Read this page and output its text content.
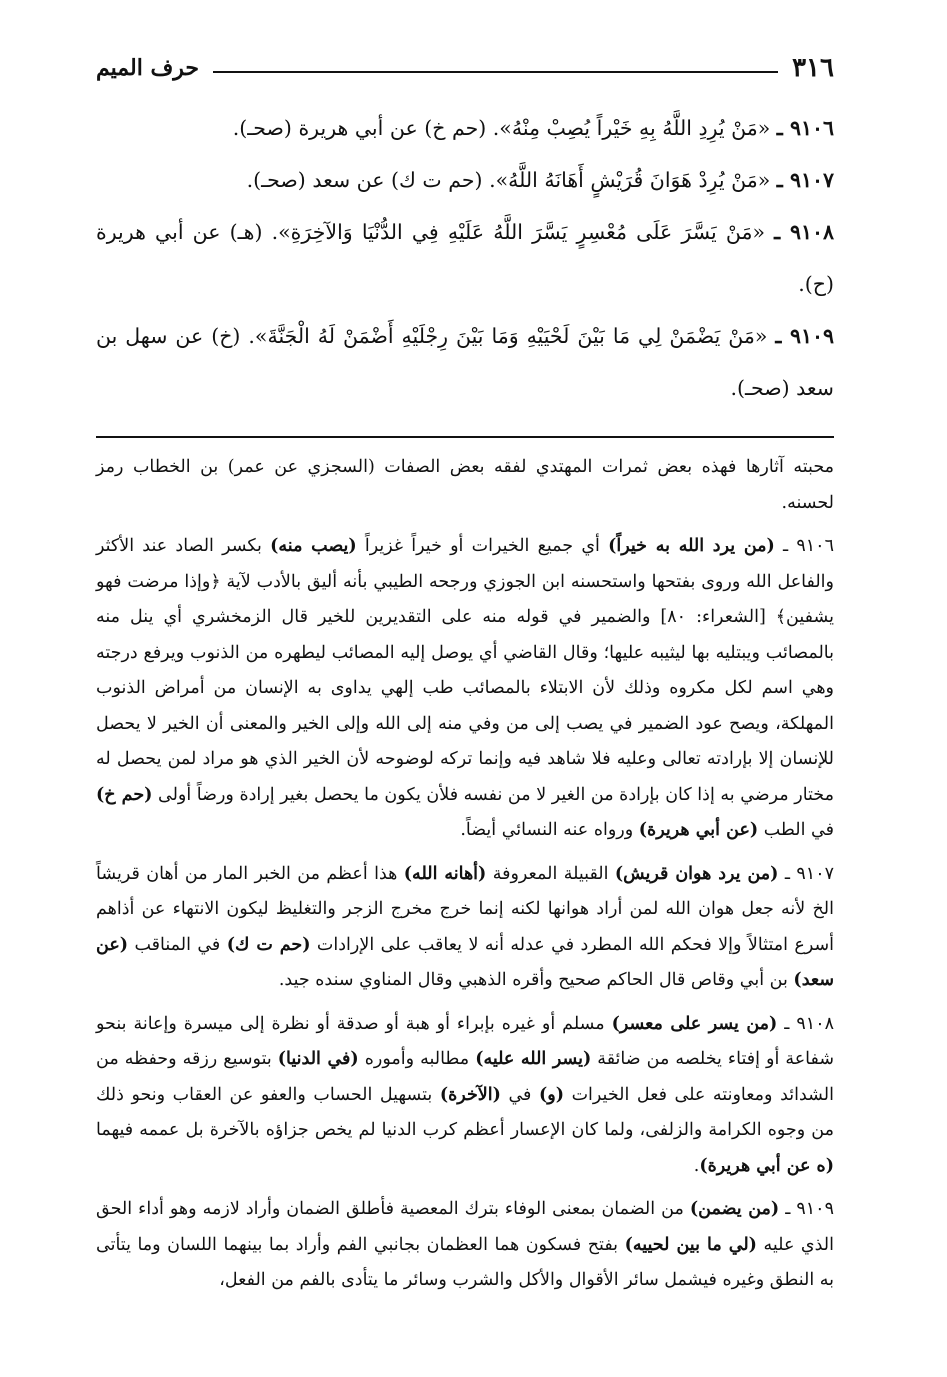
٣١٦
حرف الميم
٩١٠٦ ـ «مَنْ يُرِدِ اللَّهُ بِهِ خَيْراً يُصِبْ مِنْهُ». (حم خ) عن أبي هريرة (صحـ).
٩١٠٧ ـ «مَنْ يُرِدْ هَوَانَ قُرَيْشٍ أَهَانَهُ اللَّهُ». (حم ت ك) عن سعد (صحـ).
٩١٠٨ ـ «مَنْ يَسَّرَ عَلَى مُعْسِرٍ يَسَّرَ اللَّهُ عَلَيْهِ فِي الدُّنْيَا وَالآخِرَةِ». (هـ) عن أبي هريرة (ح).
٩١٠٩ ـ «مَنْ يَضْمَنْ لِي مَا بَيْنَ لَحْيَيْهِ وَمَا بَيْنَ رِجْلَيْهِ أَضْمَنْ لَهُ الْجَنَّةَ». (خ) عن سهل بن سعد (صحـ).

محبته آثارها فهذه بعض ثمرات المهتدي لفقه بعض الصفات (السجزي عن عمر) بن الخطاب رمز لحسنه.

٩١٠٦ ـ (من يرد الله به خيراً) أي جميع الخيرات أو خيراً غزيراً (يصب منه) بكسر الصاد عند الأكثر والفاعل الله وروى بفتحها واستحسنه ابن الجوزي ورجحه الطيبي بأنه أليق بالأدب لآية ﴿وإذا مرضت فهو يشفين﴾ [الشعراء: ٨٠] والضمير في قوله منه على التقديرين للخير قال الزمخشري أي ينل منه بالمصائب ويبتليه بها ليثيبه عليها؛ وقال القاضي أي يوصل إليه المصائب ليطهره من الذنوب ويرفع درجته وهي اسم لكل مكروه وذلك لأن الابتلاء بالمصائب طب إلهي يداوى به الإنسان من أمراض الذنوب المهلكة، ويصح عود الضمير في يصب إلى من وفي منه إلى الله وإلى الخير والمعنى أن الخير لا يحصل للإنسان إلا بإرادته تعالى وعليه فلا شاهد فيه وإنما تركه لوضوحه لأن الخير الذي هو مراد لمن يحصل له مختار مرضي به إذا كان بإرادة من الغير لا من نفسه فلأن يكون ما يحصل بغير إرادة ورضاً أولى (حم خ) في الطب (عن أبي هريرة) ورواه عنه النسائي أيضاً.

٩١٠٧ ـ (من يرد هوان قريش) القبيلة المعروفة (أهانه الله) هذا أعظم من الخبر المار من أهان قريشاً الخ لأنه جعل هوان الله لمن أراد هوانها لكنه إنما خرج مخرج الزجر والتغليظ ليكون الانتهاء عن أذاهم أسرع امتثالاً وإلا فحكم الله المطرد في عدله أنه لا يعاقب على الإرادات (حم ت ك) في المناقب (عن سعد) بن أبي وقاص قال الحاكم صحيح وأقره الذهبي وقال المناوي سنده جيد.

٩١٠٨ ـ (من يسر على معسر) مسلم أو غيره بإبراء أو هبة أو صدقة أو نظرة إلى ميسرة وإعانة بنحو شفاعة أو إفتاء يخلصه من ضائقة (يسر الله عليه) مطالبه وأموره (في الدنيا) بتوسيع رزقه وحفظه من الشدائد ومعاونته على فعل الخيرات (و) في (الآخرة) بتسهيل الحساب والعفو عن العقاب ونحو ذلك من وجوه الكرامة والزلفى، ولما كان الإعسار أعظم كرب الدنيا لم يخص جزاؤه بالآخرة بل عممه فيهما (ه عن أبي هريرة).

٩١٠٩ ـ (من يضمن) من الضمان بمعنى الوفاء بترك المعصية فأطلق الضمان وأراد لازمه وهو أداء الحق الذي عليه (لي ما بين لحييه) بفتح فسكون هما العظمان بجانبي الفم وأراد بما بينهما اللسان وما يتأتى به النطق وغيره فيشمل سائر الأقوال والأكل والشرب وسائر ما يتأدى بالفم من الفعل،
